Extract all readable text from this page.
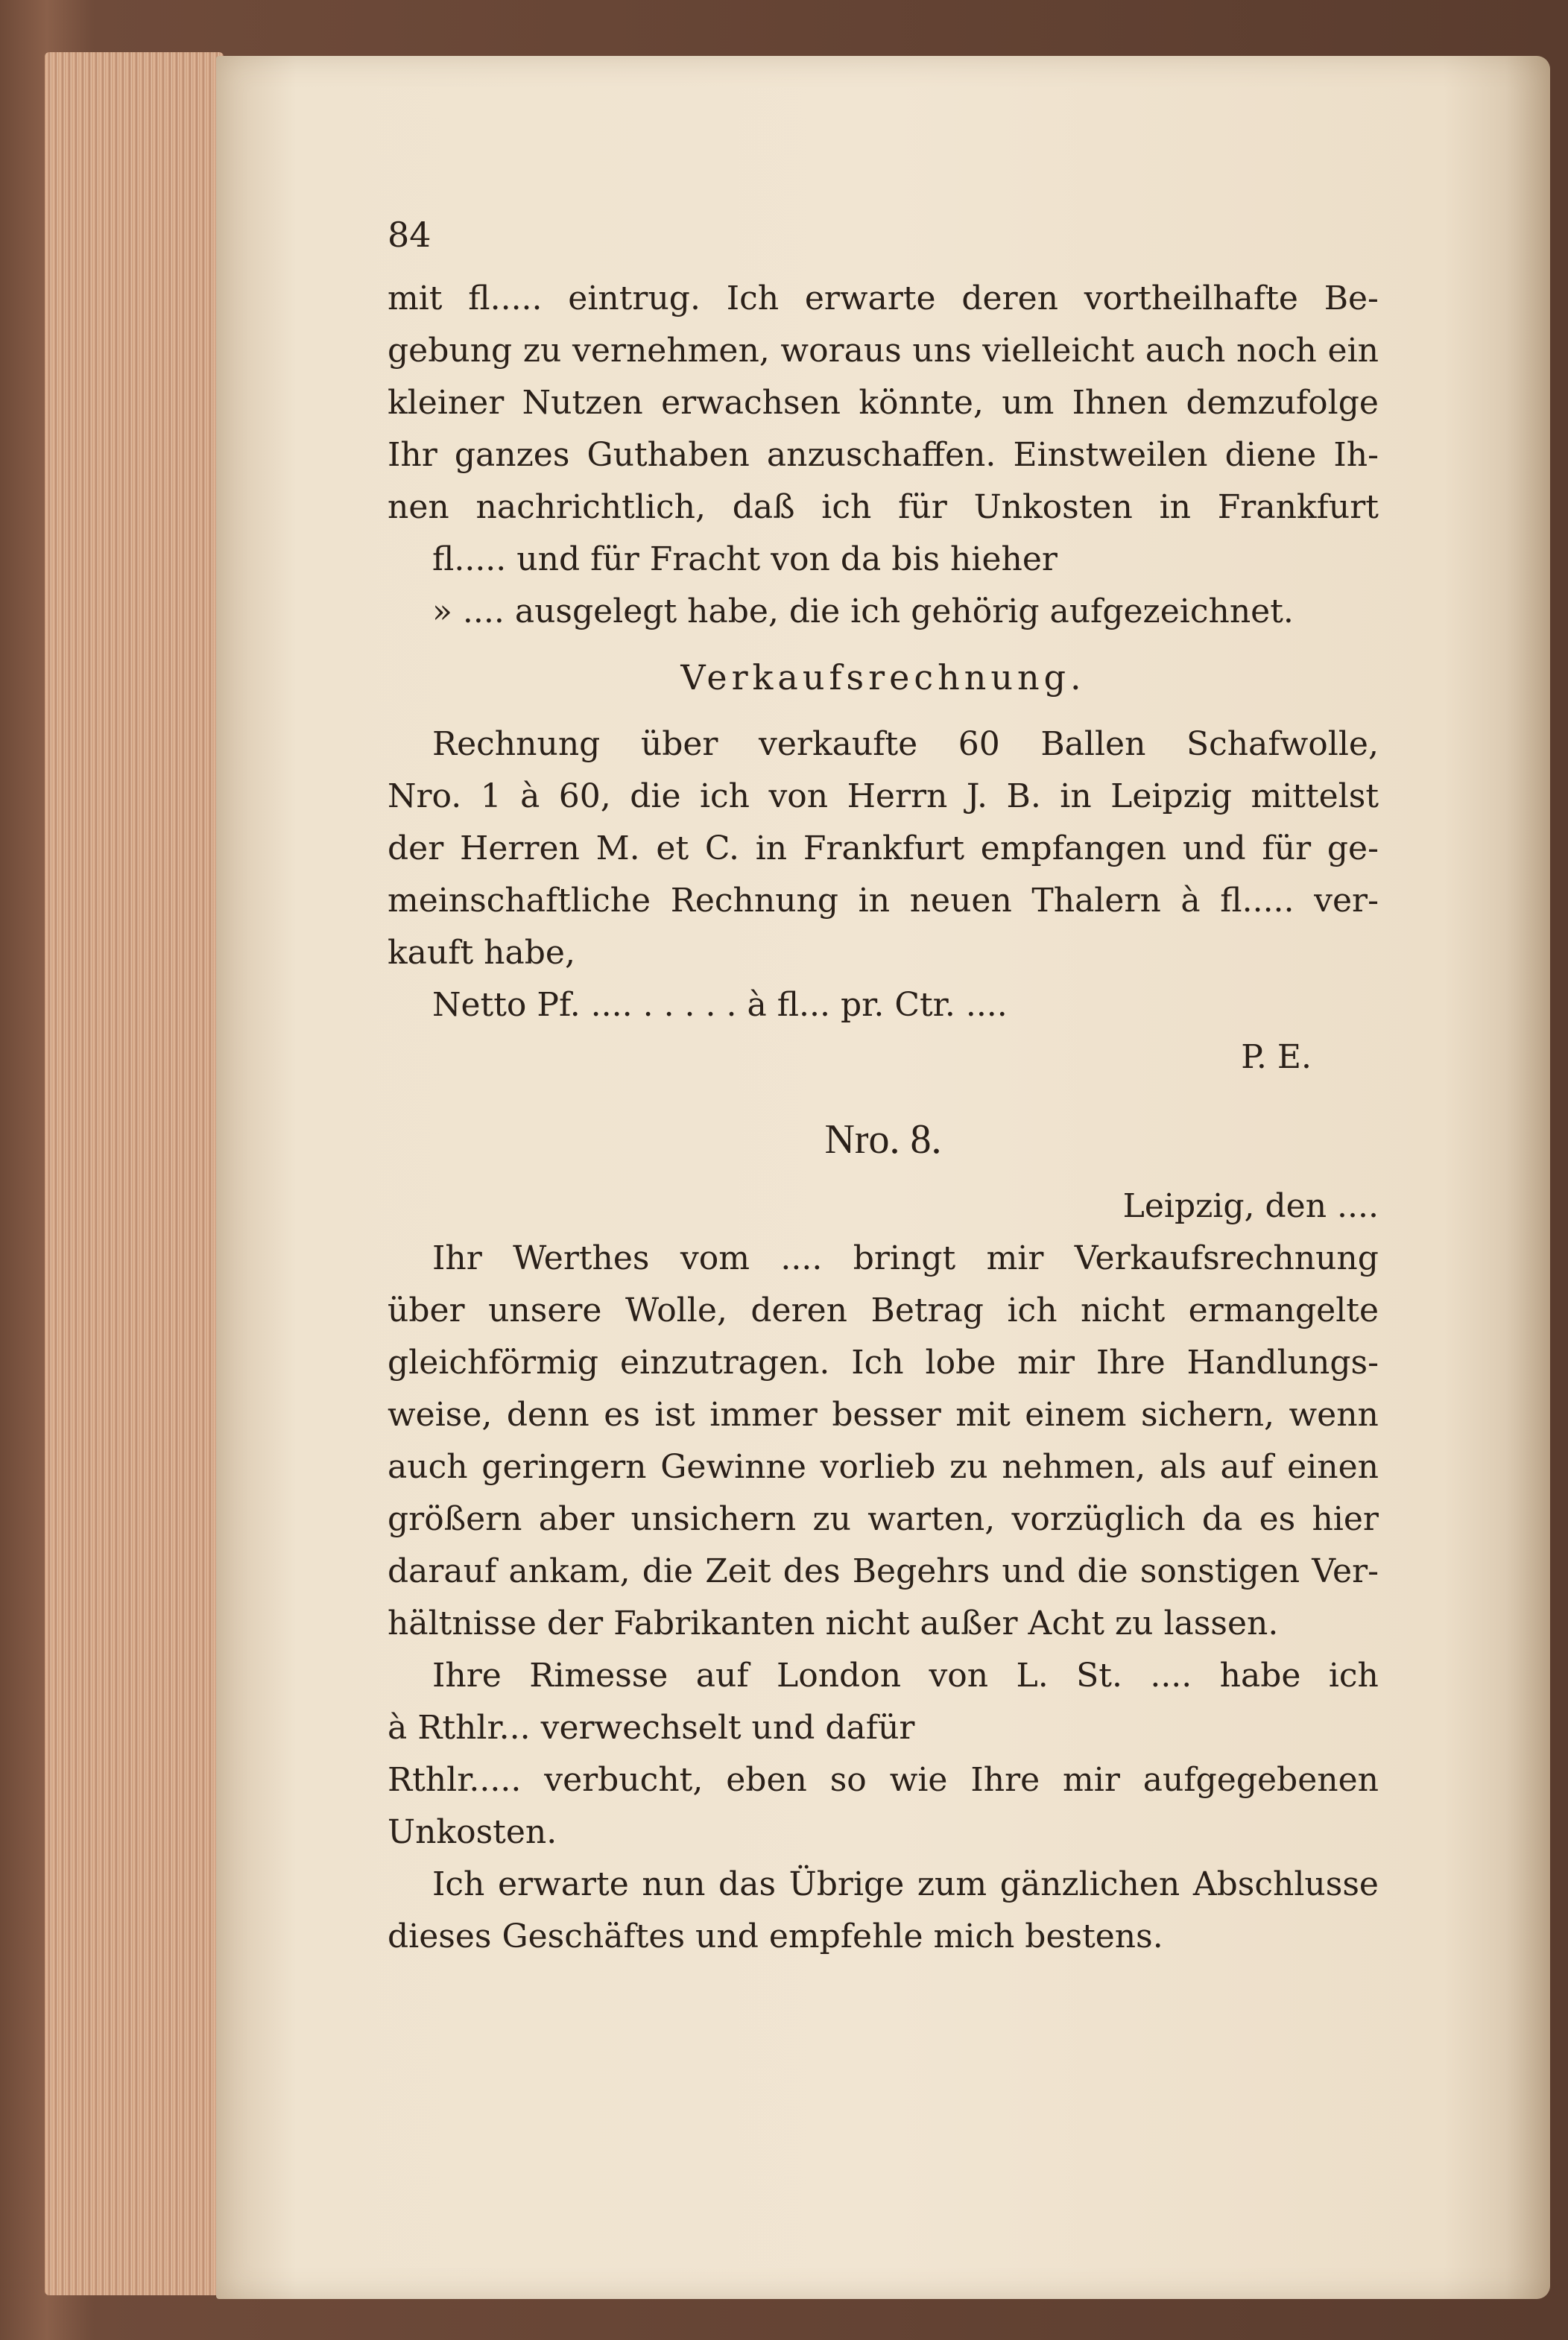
84
mit fl..... eintrug. Ich erwarte deren vortheilhafte Be-
gebung zu vernehmen, woraus uns vielleicht auch noch ein
kleiner Nutzen erwachsen könnte, um Ihnen demzufolge
Ihr ganzes Guthaben anzuschaffen. Einstweilen diene Ih-
nen nachrichtlich, daß ich für Unkosten in Frankfurt
fl..... und für Fracht von da bis hieher
» .... ausgelegt habe, die ich gehörig aufgezeichnet.
Verkaufsrechnung.
Rechnung über verkaufte 60 Ballen Schafwolle,
Nro. 1 à 60, die ich von Herrn J. B. in Leipzig mittelst
der Herren M. et C. in Frankfurt empfangen und für ge-
meinschaftliche Rechnung in neuen Thalern à fl..... ver-
kauft habe,
Netto Pf. .... . . . . . à fl... pr. Ctr. ....
P. E.
Nro. 8.
Leipzig, den ....
Ihr Werthes vom .... bringt mir Verkaufsrechnung
über unsere Wolle, deren Betrag ich nicht ermangelte
gleichförmig einzutragen. Ich lobe mir Ihre Handlungs-
weise, denn es ist immer besser mit einem sichern, wenn
auch geringern Gewinne vorlieb zu nehmen, als auf einen
größern aber unsichern zu warten, vorzüglich da es hier
darauf ankam, die Zeit des Begehrs und die sonstigen Ver-
hältnisse der Fabrikanten nicht außer Acht zu lassen.
Ihre Rimesse auf London von L. St. .... habe ich
à Rthlr... verwechselt und dafür
Rthlr..... verbucht, eben so wie Ihre mir aufgegebenen
Unkosten.
Ich erwarte nun das Übrige zum gänzlichen Abschlusse
dieses Geschäftes und empfehle mich bestens.
